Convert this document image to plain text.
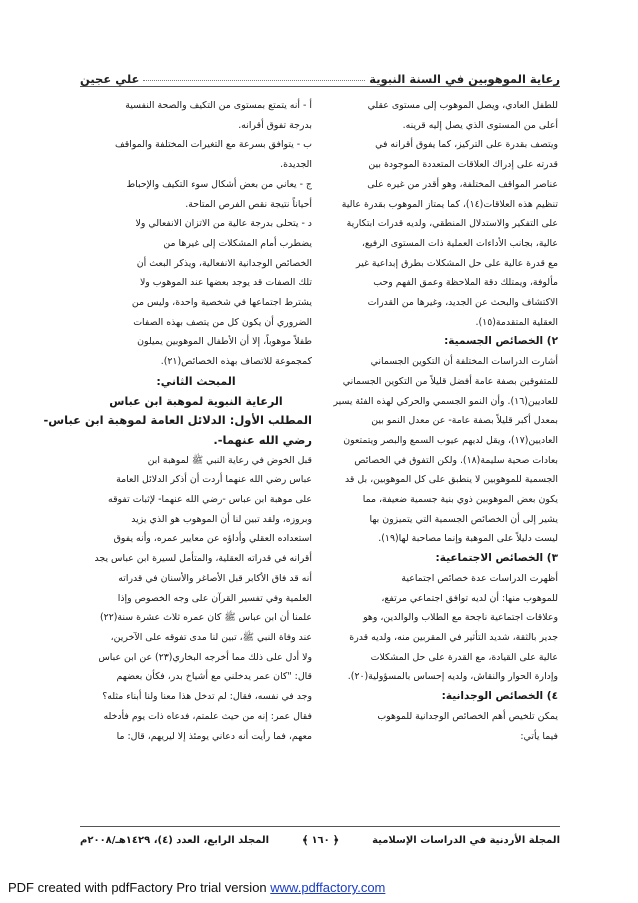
رعاية الموهوبين في السنة النبوية
علي عجين
للطفل العادي، ويصل الموهوب إلى مستوى عقلي
أعلى من المستوى الذي يصل إليه قرينه.
ويتصف بقدرة على التركيز، كما يفوق أقرانه في
قدرته على إدراك العلاقات المتعددة الموجودة بين
عناصر المواقف المختلفة، وهو أقدر من غيره على
تنظيم هذه العلاقات(١٤)، كما يمتاز الموهوب بقدرة عالية
على التفكير والاستدلال المنطقي، ولديه قدرات ابتكارية
عالية، بجانب الأداءات العملية ذات المستوى الرفيع،
مع قدرة عالية على حل المشكلات بطرق إبداعية غير
مألوفة، ويمتلك دقة الملاحظة وعمق الفهم وحب
الاكتشاف والبحث عن الجديد، وغيرها من القدرات
العقلية المتقدمة(١٥).
٢) الخصائص الجسمية:
أشارت الدراسات المختلفة أن التكوين الجسماني
للمتفوقين بصفة عامة أفضل قليلاً من التكوين الجسماني
للعاديين(١٦). وأن النمو الجسمي والحركي لهذه الفئة يسير
بمعدل أكبر قليلاً بصفة عامة- عن معدل النمو بين
العاديين(١٧)، ويقل لديهم عيوب السمع والبصر ويتمتعون
بعادات صحية سليمة(١٨). ولكن التفوق في الخصائص
الجسمية للموهوبين لا ينطبق على كل الموهوبين، بل قد
يكون بعض الموهوبين ذوي بنية جسمية ضعيفة، مما
يشير إلى أن الخصائص الجسمية التي يتميزون بها
ليست دليلاً على الموهبة وإنما مصاحبة لها(١٩).
٣) الخصائص الاجتماعية:
أظهرت الدراسات عدة خصائص اجتماعية
للموهوب منها: أن لديه توافق اجتماعي مرتفع،
وعلاقات اجتماعية ناجحة مع الطلاب والوالدين، وهو
جدير بالثقة، شديد التأثير في المقربين منه، ولديه قدرة
عالية على القيادة، مع القدرة على حل المشكلات
وإدارة الحوار والنقاش، ولديه إحساس بالمسؤولية(٢٠).
٤) الخصائص الوجدانية:
يمكن تلخيص أهم الخصائص الوجدانية للموهوب
فيما يأتي:
أ - أنه يتمتع بمستوى من التكيف والصحة النفسية
بدرجة تفوق أقرانه.
ب - يتوافق بسرعة مع التغيرات المختلفة والمواقف
الجديدة.
ج - يعاني من بعض أشكال سوء التكيف والإحباط
أحياناً نتيجة نقص الفرص المتاحة.
د - يتحلى بدرجة عالية من الاتزان الانفعالي ولا
يضطرب أمام المشكلات إلى غيرها من
الخصائص الوجدانية الانفعالية، ويذكر البعث أن
تلك الصفات قد يوجد بعضها عند الموهوب ولا
يشترط اجتماعها في شخصية واحدة، وليس من
الضروري أن يكون كل من يتصف بهذه الصفات
طفلاً موهوباً، إلا أن الأطفال الموهوبين يميلون
كمجموعة للاتصاف بهذه الخصائص(٢١).
المبحث الثاني:
الرعاية النبوية لموهبة ابن عباس
المطلب الأول: الدلائل العامة لموهبة ابن عباس-
رضي الله عنهما-.
قبل الخوض في رعاية النبي ﷺ لموهبة ابن
عباس رضي الله عنهما أردت أن أذكر الدلائل العامة
على موهبة ابن عباس -رضي الله عنهما- لإثبات تفوقه
وبروزه، ولقد تبين لنا أن الموهوب هو الذي يزيد
استعداده العقلي وأداؤه عن معايير عمره، وأنه يفوق
أقرانه في قدراته العقلية، والمتأمل لسيرة ابن عباس يجد
أنه قد فاق الأكابر قبل الأصاغر والأسنان في قدراته
العلمية وفي تفسير القرآن على وجه الخصوص وإذا
علمنا أن ابن عباس ﷺ كان عمره ثلاث عشرة سنة(٢٢)
عند وفاة النبي ﷺ، تبين لنا مدى تفوقه على الآخرين،
ولا أدل على ذلك مما أخرجه البخاري(٢٣) عن ابن عباس
قال: "كان عمر يدخلني مع أشياخ بدر، فكأن بعضهم
وجد في نفسه، فقال: لم تدخل هذا معنا ولنا أبناء مثله؟
فقال عمر: إنه من حيث علمتم، فدعاه ذات يوم فأدخله
معهم، فما رأيت أنه دعاني يومئذ إلا ليريهم، قال: ما
المجلة الأردنية في الدراسات الإسلامية
﴿
١٦٠
﴾
المجلد الرابع، العدد (٤)، ١٤٢٩هـ/٢٠٠٨م
PDF created with pdfFactory Pro trial version www.pdffactory.com
